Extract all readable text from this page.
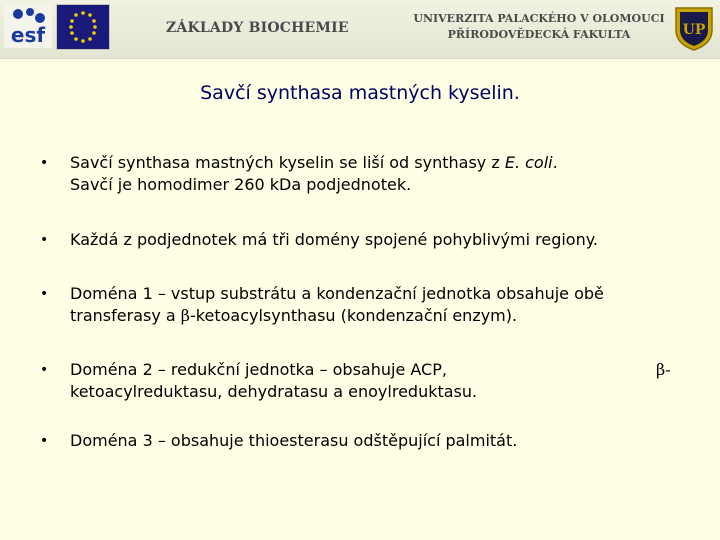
esf	ZÁKLADY BIOCHEMIE
UNIVERZITA PALACKÉHO V OLOMOUCI
PŘÍRODOVĚDECKÁ FAKULTA	UP
Savčí synthasa mastných kyselin.
• Savčí synthasa mastných kyselin se liší od synthasy z E. coli.
Savčí je homodimer 260 kDa podjednotek.
• Každá z podjednotek má tři domény spojené pohyblivými regiony.
• Doména 1 – vstup substrátu a kondenzační jednotka obsahuje obě
transferasy a β-ketoacylsynthasu (kondenzační enzym).
• Doména 2 – redukční jednotka – obsahuje ACP,
ketoacylreduktasu, dehydratasu a enoylreduktasu.
β-
• Doména 3 – obsahuje thioesterasu odštěpující palmitát.
